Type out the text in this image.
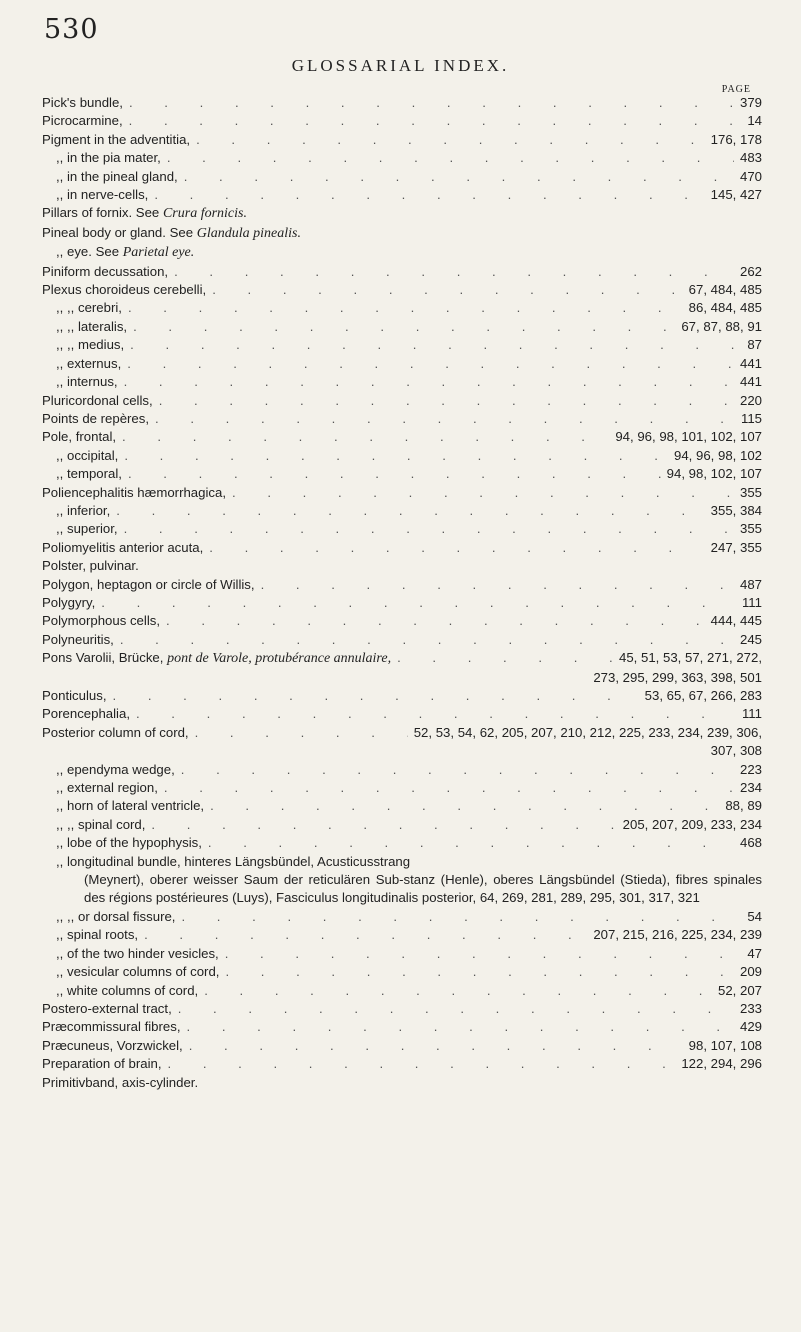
530
GLOSSARIAL INDEX.
PAGE
Pick's bundle, . . .	379
Picrocarmine, . . .	14
Pigment in the adventitia, . . .	176, 178
,, in the pia mater, . . .	483
,, in the pineal gland, . . .	470
,, in nerve-cells, . . .	145, 427
Pillars of fornix. See Crura fornicis.
Pineal body or gland. See Glandula pinealis.
,, eye. See Parietal eye.
Piniform decussation, . . .	262
Plexus choroideus cerebelli, . . .	67, 484, 485
,, ,, cerebri, . . .	86, 484, 485
,, ,, lateralis, . . .	67, 87, 88, 91
,, ,, medius, . . .	87
,, externus, . . .	441
,, internus, . . .	441
Pluricordonal cells, . . .	220
Points de repères, . . .	115
Pole, frontal, . . .	94, 96, 98, 101, 102, 107
,, occipital, . . .	94, 96, 98, 102
,, temporal, . . .	94, 98, 102, 107
Poliencephalitis hæmorrhagica, . . .	355
,, inferior, . . .	355, 384
,, superior, . . .	355
Poliomyelitis anterior acuta, . . .	247, 355
Polster, pulvinar.
Polygon, heptagon or circle of Willis, . . .	487
Polygyry, . . .	111
Polymorphous cells, . . .	444, 445
Polyneuritis, . . .	245
Pons Varolii, Brücke, pont de Varole, protubérance annulaire, . . .	45, 51, 53, 57, 271, 272,
273, 295, 299, 363, 398, 501
Ponticulus, . . .	53, 65, 67, 266, 283
Porencephalia, . . .	111
Posterior column of cord, . . .	52, 53, 54, 62, 205, 207, 210, 212, 225, 233, 234, 239, 306,
307, 308
,, ependyma wedge, . . .	223
,, external region, . . .	234
,, horn of lateral ventricle, . . .	88, 89
,, ,, spinal cord, . . .	205, 207, 209, 233, 234
,, lobe of the hypophysis, . . .	468
,, longitudinal bundle, hinteres Längsbündel, Acusticusstrang
(Meynert), oberer weisser Saum der reticulären Sub-stanz (Henle), oberes Längsbündel (Stieda), fibres spinales des régions postérieures (Luys), Fasciculus longitudinalis posterior, 64, 269, 281, 289, 295, 301, 317, 321
,, ,, or dorsal fissure, . . .	54
,, spinal roots, . . .	207, 215, 216, 225, 234, 239
,, of the two hinder vesicles, . . .	47
,, vesicular columns of cord, . . .	209
,, white columns of cord, . . .	52, 207
Postero-external tract, . . .	233
Præcommissural fibres, . . .	429
Præcuneus, Vorzwickel, . . .	98, 107, 108
Preparation of brain, . . .	122, 294, 296
Primitivband, axis-cylinder.
